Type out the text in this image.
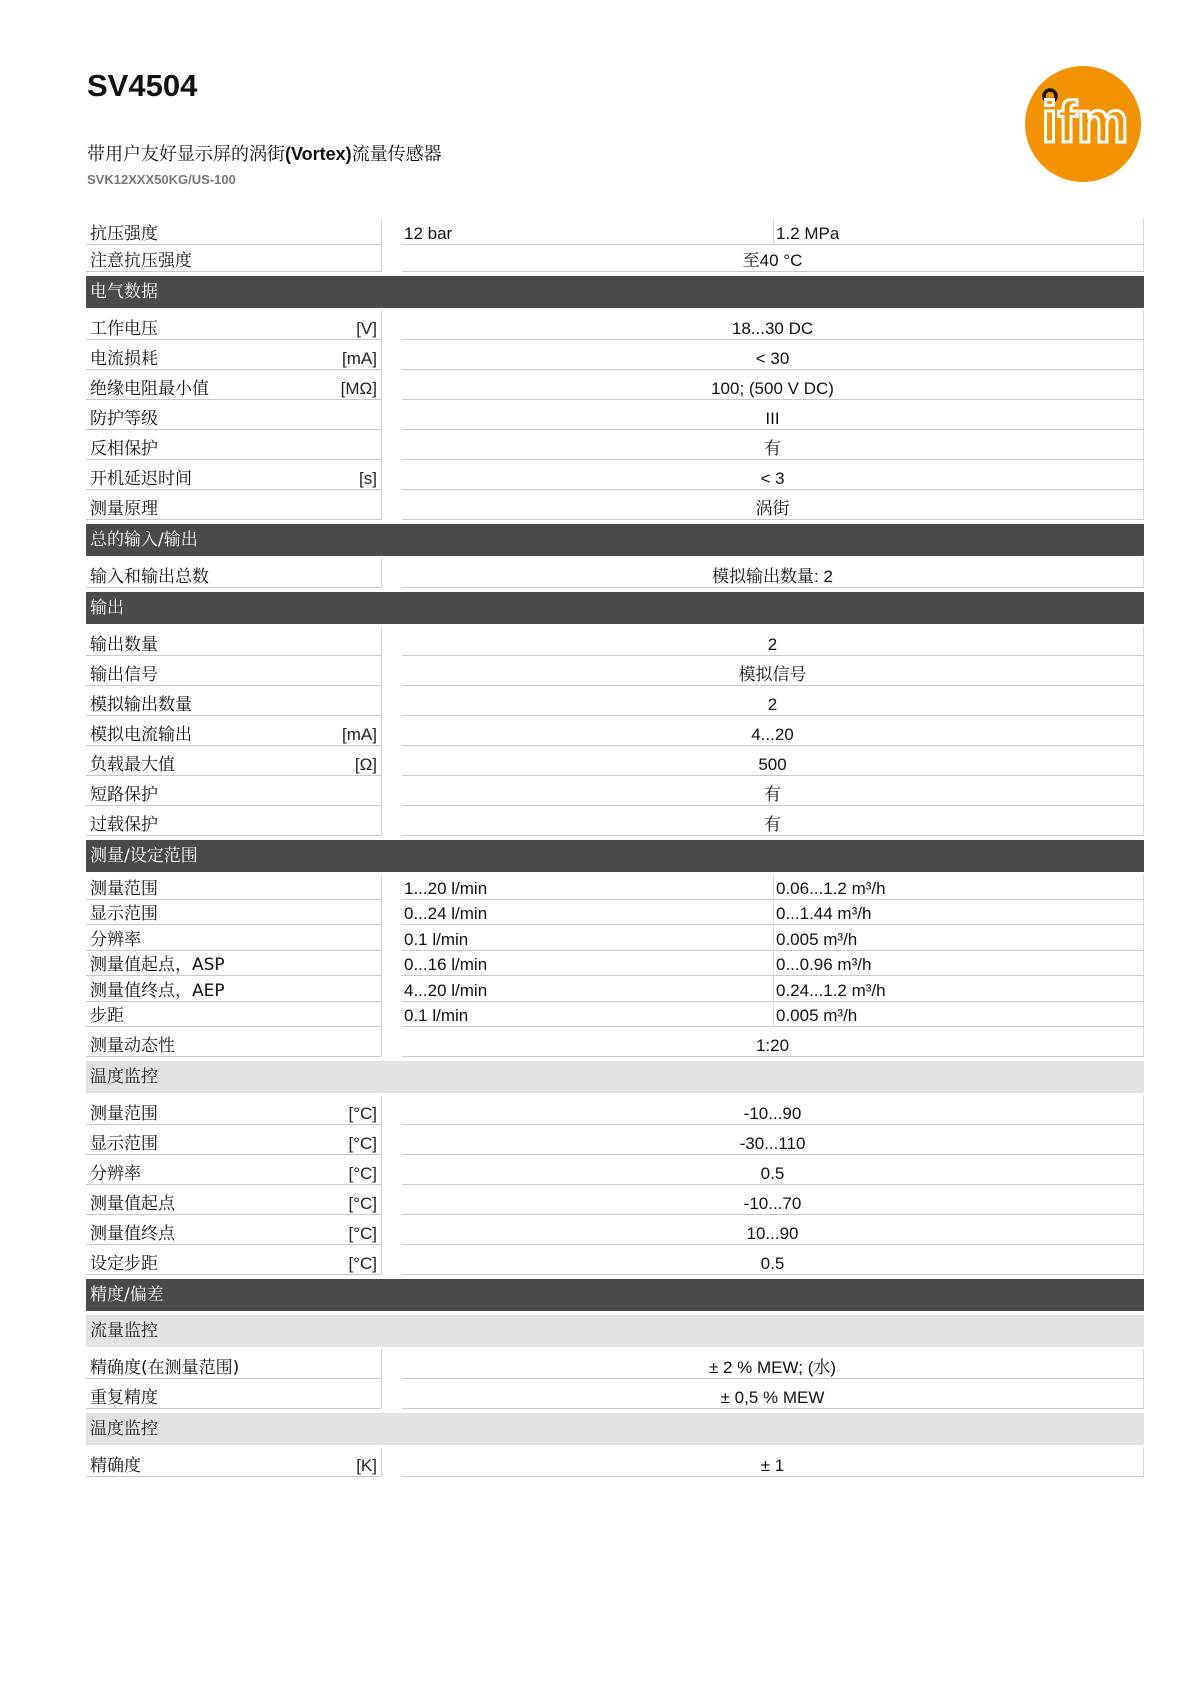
SV4504

带用户友好显示屏的涡街(Vortex)流量传感器

SVK12XXX50KG/US-100

ifm
抗压强度	12 bar	1.2 MPa
注意抗压强度	至40 °C
电气数据
工作电压	[V]	18...30 DC
电流损耗	[mA]	< 30
绝缘电阻最小值	[MΩ]	100; (500 V DC)
防护等级	III
反相保护	有
开机延迟时间	[s]	< 3
测量原理	涡街
总的输入/输出
输入和输出总数	模拟输出数量: 2
输出
输出数量	2
输出信号	模拟信号
模拟输出数量	2
模拟电流输出	[mA]	4...20
负载最大值	[Ω]	500
短路保护	有
过载保护	有
测量/设定范围
测量范围	1...20 l/min	0.06...1.2 m³/h
显示范围	0...24 l/min	0...1.44 m³/h
分辨率	0.1 l/min	0.005 m³/h
测量值起点，ASP	0...16 l/min	0...0.96 m³/h
测量值终点，AEP	4...20 l/min	0.24...1.2 m³/h
步距	0.1 l/min	0.005 m³/h
测量动态性	1:20
温度监控
测量范围	[°C]	-10...90
显示范围	[°C]	-30...110
分辨率	[°C]	0.5
测量值起点	[°C]	-10...70
测量值终点	[°C]	10...90
设定步距	[°C]	0.5
精度/偏差
流量监控
精确度(在测量范围)	± 2 % MEW; (水)
重复精度	± 0,5 % MEW
温度监控
精确度	[K]	± 1
